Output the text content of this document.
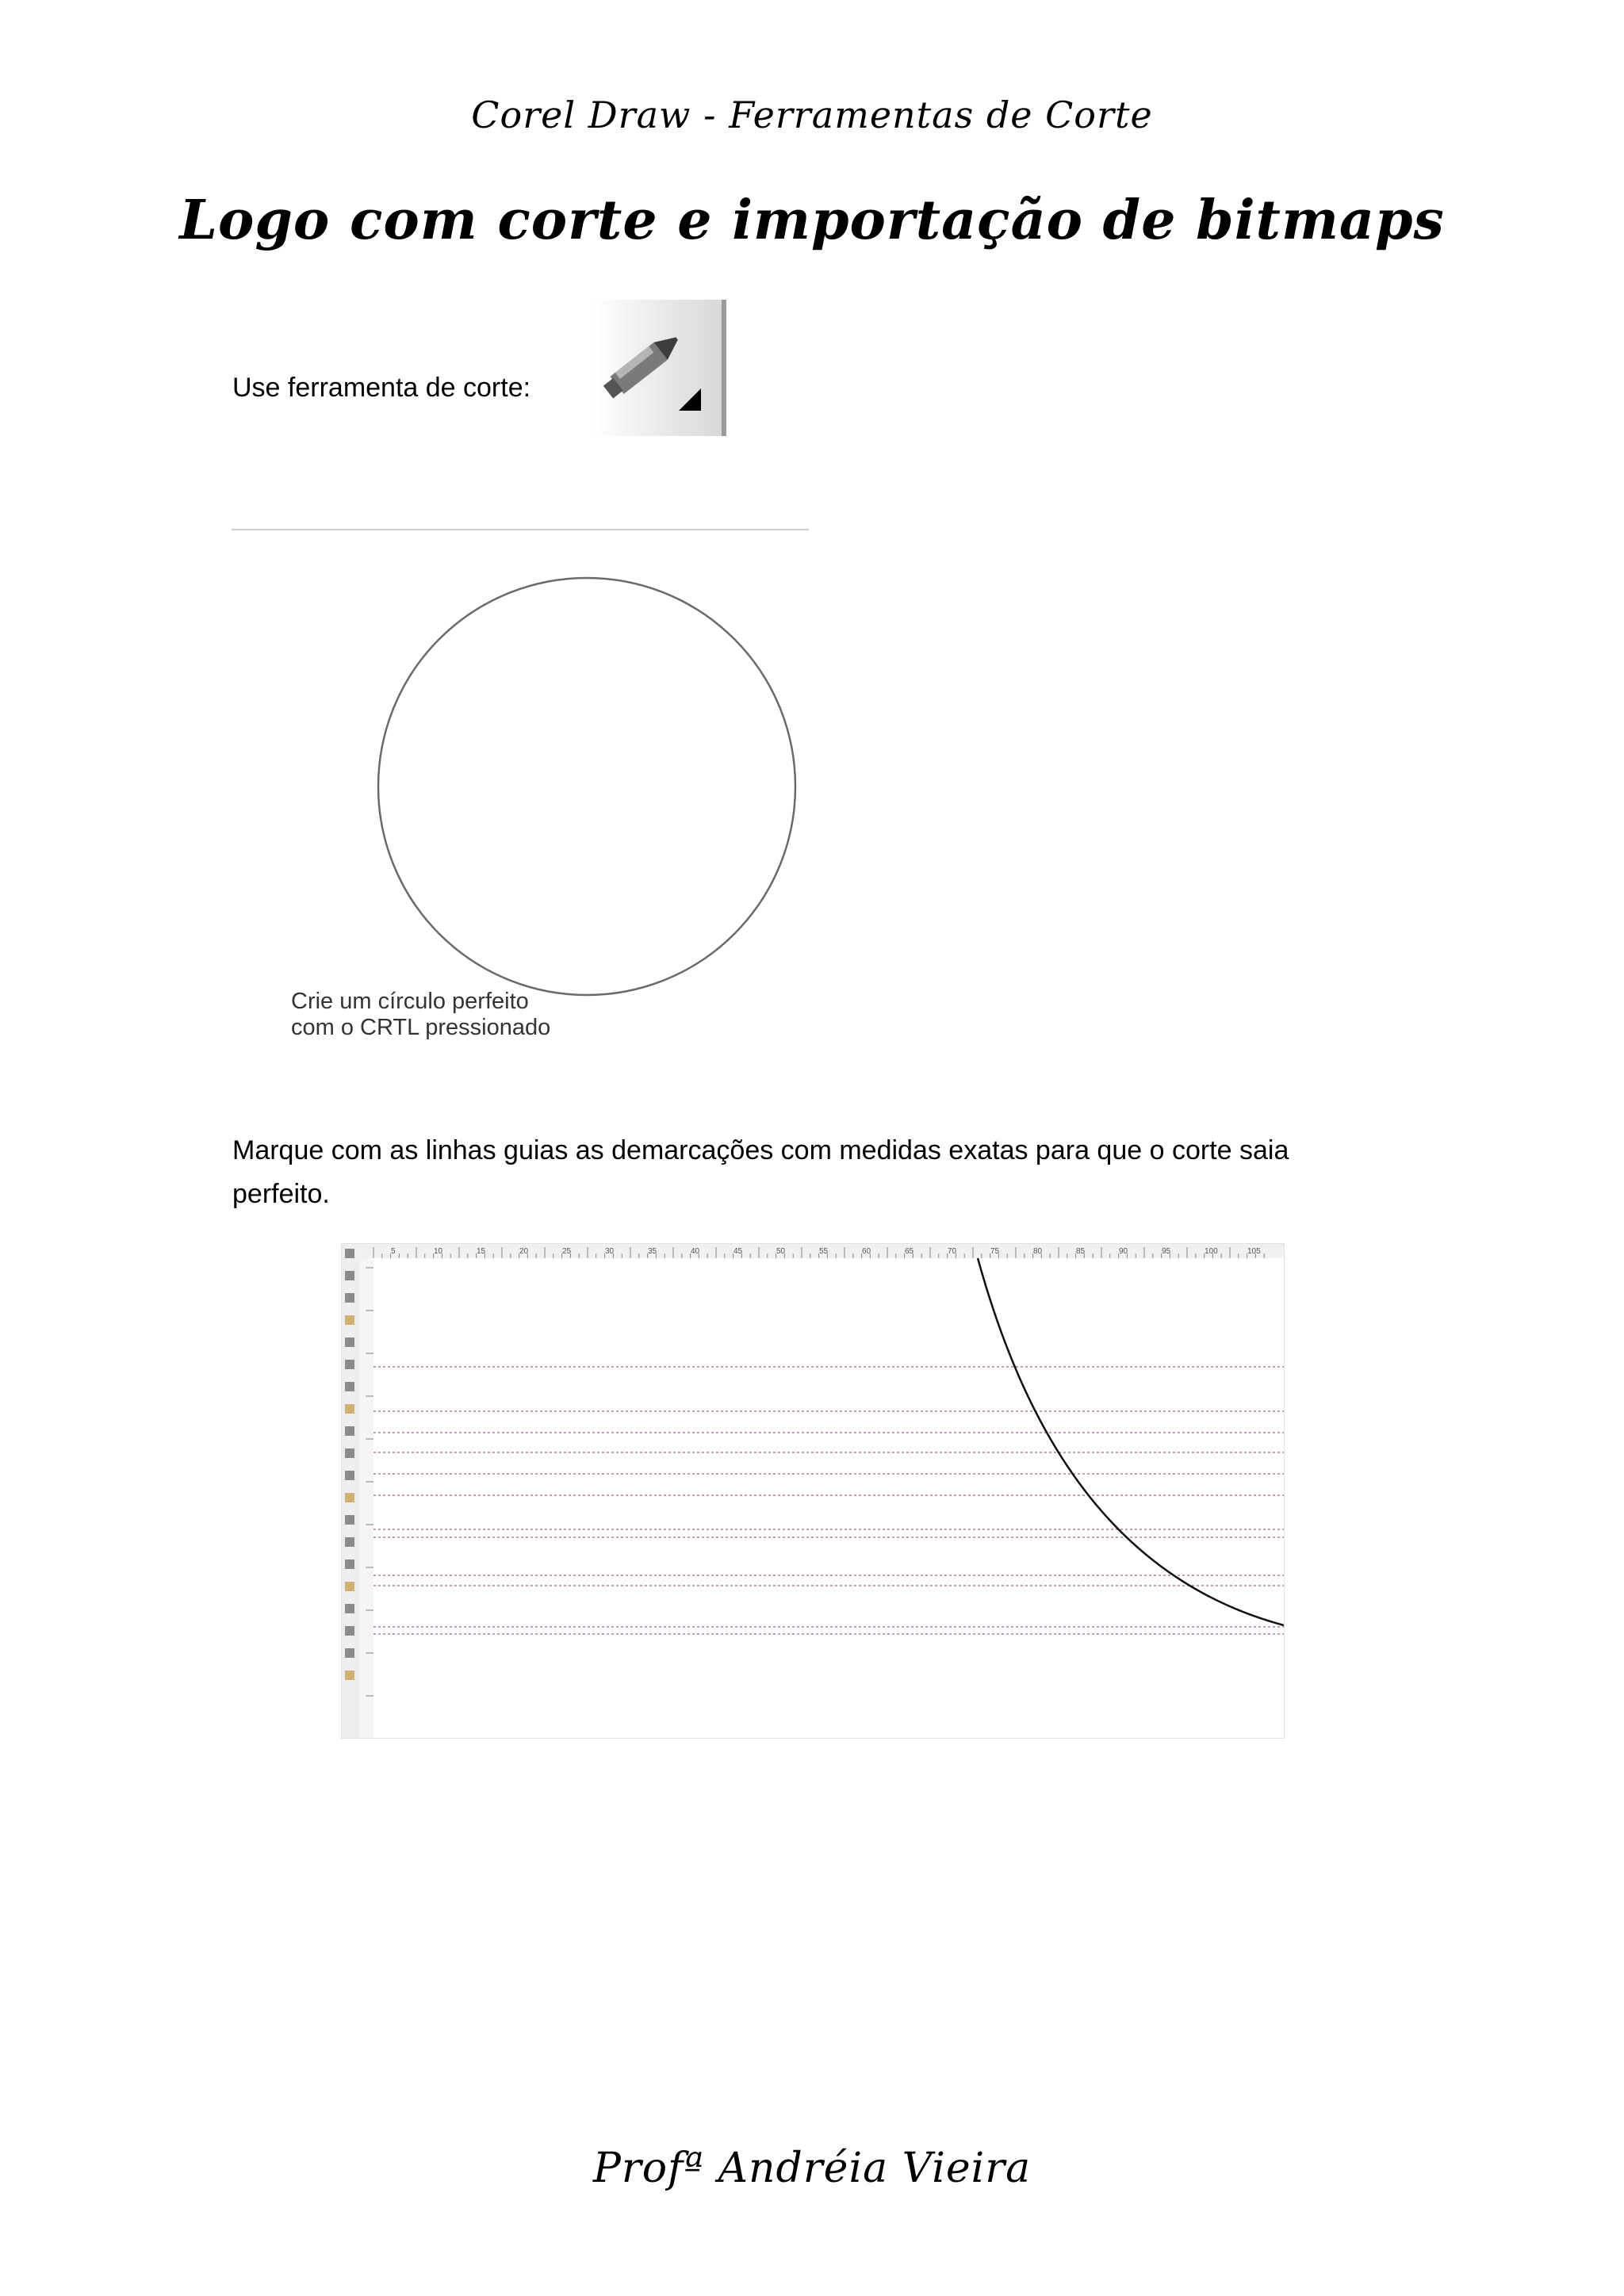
Corel Draw - Ferramentas de Corte
Logo com corte e importação de bitmaps
Use ferramenta de corte:
Crie um círculo perfeito
com o CRTL pressionado
Marque com as linhas guias as demarcações com medidas exatas para que o corte saia
perfeito.
5	10	15	20	25	30	35	40	45	50	55	60	65	70	75	80	85	90	95	100	105
Profª Andréia Vieira
